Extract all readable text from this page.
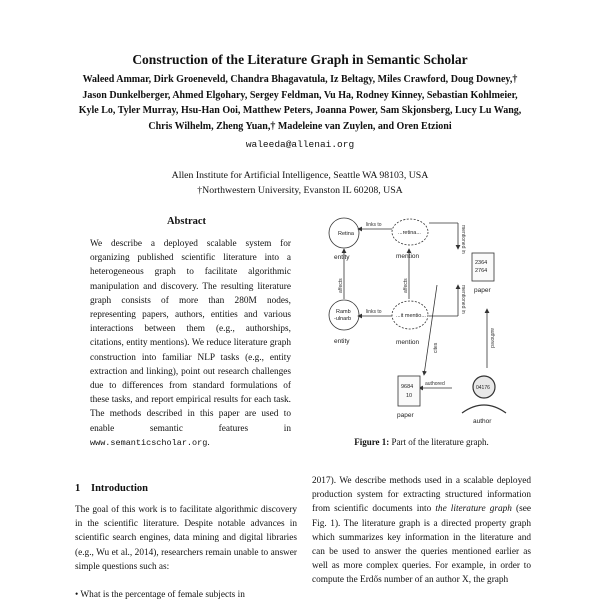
Construction of the Literature Graph in Semantic Scholar
Waleed Ammar, Dirk Groeneveld, Chandra Bhagavatula, Iz Beltagy, Miles Crawford, Doug Downey,† Jason Dunkelberger, Ahmed Elgohary, Sergey Feldman, Vu Ha, Rodney Kinney, Sebastian Kohlmeier, Kyle Lo, Tyler Murray, Hsu-Han Ooi, Matthew Peters, Joanna Power, Sam Skjonsberg, Lucy Lu Wang, Chris Wilhelm, Zheng Yuan,† Madeleine van Zuylen, and Oren Etzioni
waleeda@allenai.org
Allen Institute for Artificial Intelligence, Seattle WA 98103, USA
†Northwestern University, Evanston IL 60208, USA
Abstract
We describe a deployed scalable system for organizing published scientific literature into a heterogeneous graph to facilitate algorithmic manipulation and discovery. The resulting literature graph consists of more than 280M nodes, representing papers, authors, entities and various interactions between them (e.g., authorships, citations, entity mentions). We reduce literature graph construction into familiar NLP tasks (e.g., entity extraction and linking), point out research challenges due to differences from standard formulations of these tasks, and report empirical results for each task. The methods described in this paper are used to enable semantic features in www.semanticscholar.org.
1 Introduction
The goal of this work is to facilitate algorithmic discovery in the scientific literature. Despite notable advances in scientific search engines, data mining and digital libraries (e.g., Wu et al., 2014), researchers remain unable to answer simple questions such as:
• What is the percentage of female subjects in
Retina	...retina...
Ramb
-ulnarb	...it mentio...
2364
2764
9684
10
04176
entity	mention
entity	mention
paper
paper
author
links to
links to
affects	affects
mentioned in
mentioned in
cites
authored
authored
Figure 1: Part of the literature graph.
2017). We describe methods used in a scalable deployed production system for extracting structured information from scientific documents into the literature graph (see Fig. 1). The literature graph is a directed property graph which summarizes key information in the literature and can be used to answer the queries mentioned earlier as well as more complex queries. For example, in order to compute the Erdős number of an author X, the graph
